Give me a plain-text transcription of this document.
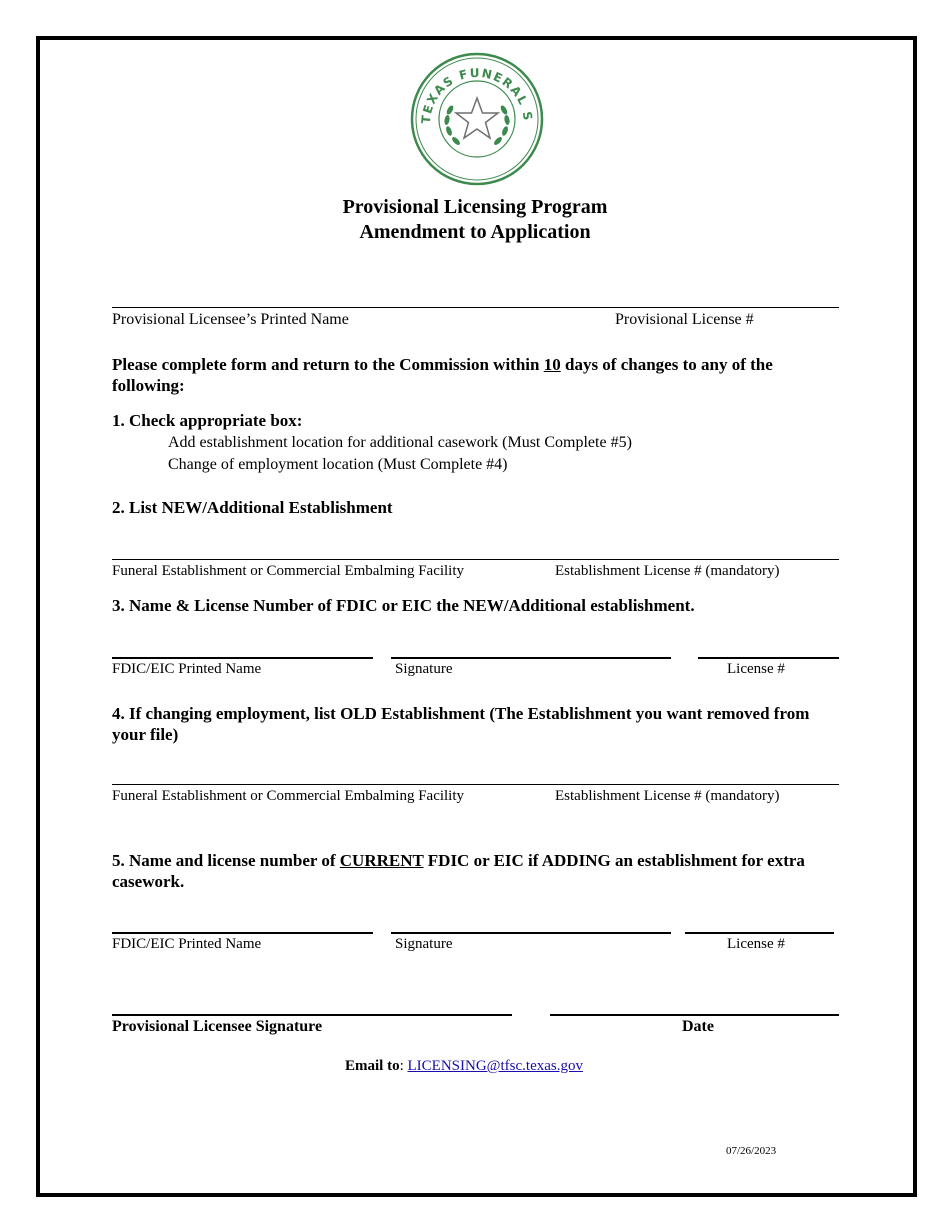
TEXAS FUNERAL S
Provisional Licensing Program
Amendment to Application
Provisional Licensee’s Printed Name	Provisional License #
Please complete form and return to the Commission within 10 days of changes to any of the following:
1. Check appropriate box:
Add establishment location for additional casework (Must Complete #5)
Change of employment location (Must Complete #4)
2. List NEW/Additional Establishment
Funeral Establishment or Commercial Embalming Facility	Establishment License # (mandatory)
3. Name & License Number of FDIC or EIC the NEW/Additional establishment.
FDIC/EIC Printed Name	Signature	License #
4. If changing employment, list OLD Establishment (The Establishment you want removed from your file)
Funeral Establishment or Commercial Embalming Facility	Establishment License # (mandatory)
5. Name and license number of CURRENT FDIC or EIC if ADDING an establishment for extra casework.
FDIC/EIC Printed Name	Signature	License #
Provisional Licensee Signature	Date
Email to: LICENSING@tfsc.texas.gov
07/26/2023
